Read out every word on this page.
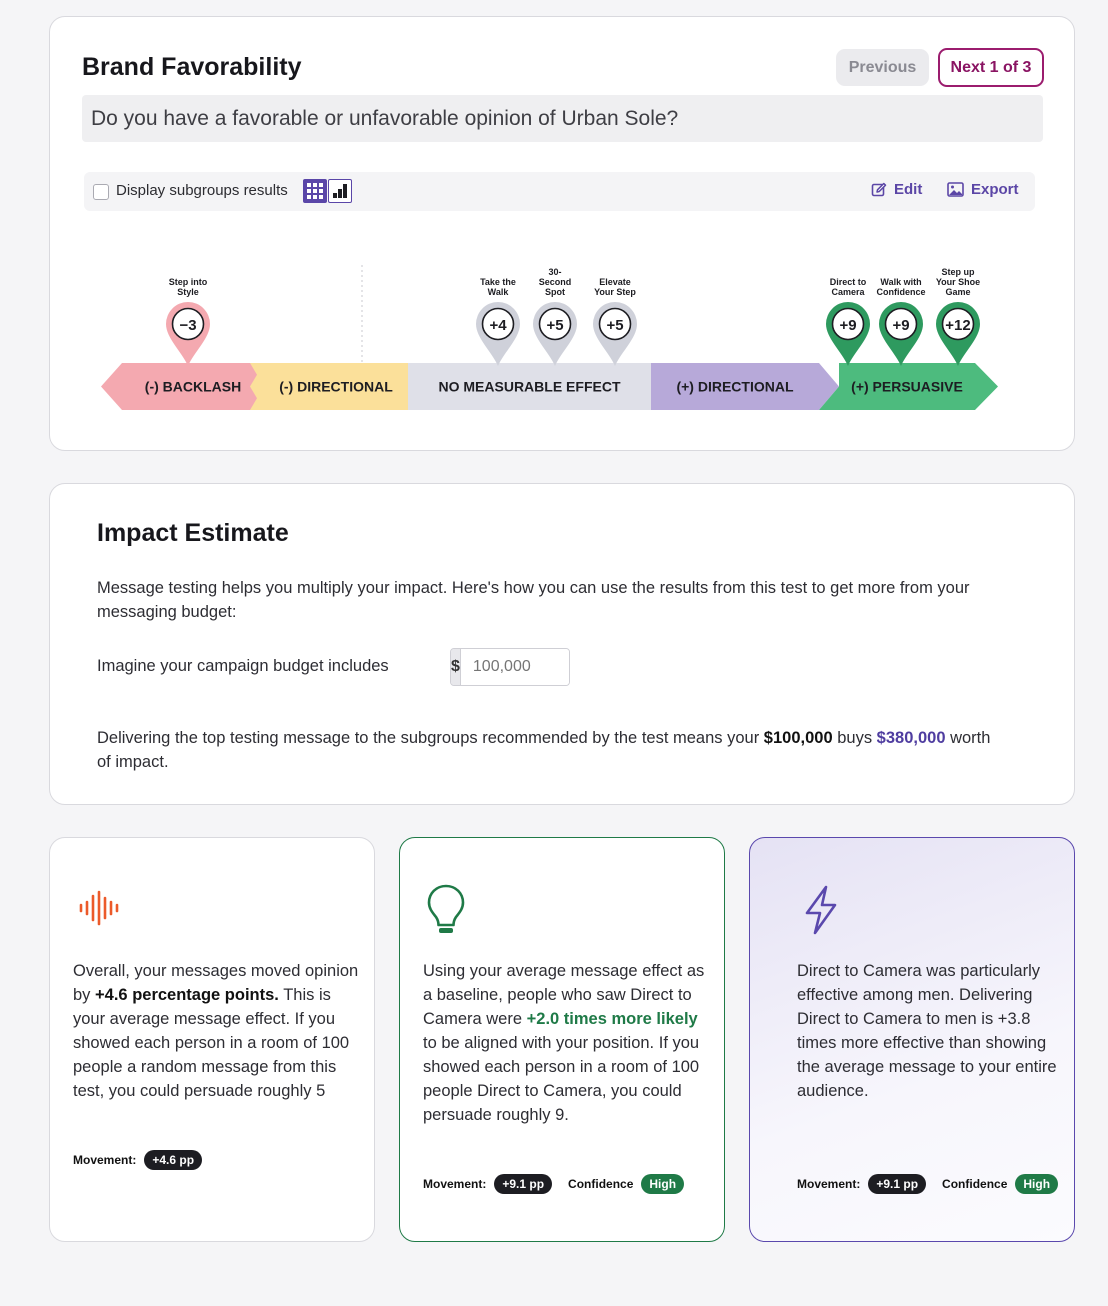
Brand Favorability	Previous	Next 1 of 3
Do you have a favorable or unfavorable opinion of Urban Sole?
Display subgroups results	Edit	Export
(-) BACKLASH	(-) DIRECTIONAL	NO MEASURABLE EFFECT	(+) DIRECTIONAL	(+) PERSUASIVE
−3
Step into
Style
+4
Take the
Walk
+5
30-
Second
Spot
+5
Elevate
Your Step
+9
Direct to
Camera
+9
Walk with
Confidence
+12
Step up
Your Shoe
Game
Impact Estimate
Message testing helps you multiply your impact. Here's how you can use the results from this test to get more from your messaging budget:
Imagine your campaign budget includes	$
100,000
Delivering the top testing message to the subgroups recommended by the test means your $100,000 buys $380,000 worth of impact.
Overall, your messages moved opinion by +4.6 percentage points. This is your average message effect. If you showed each person in a room of 100 people a random message from this test, you could persuade roughly 5
Movement:	+4.6 pp
Using your average message effect as a baseline, people who saw Direct to Camera were +2.0 times more likely to be aligned with your position. If you showed each person in a room of 100 people Direct to Camera, you could persuade roughly 9.
Movement:	+9.1 pp	Confidence	High
Direct to Camera was particularly effective among men. Delivering Direct to Camera to men is +3.8 times more effective than showing the average message to your entire audience.
Movement:	+9.1 pp	Confidence	High
